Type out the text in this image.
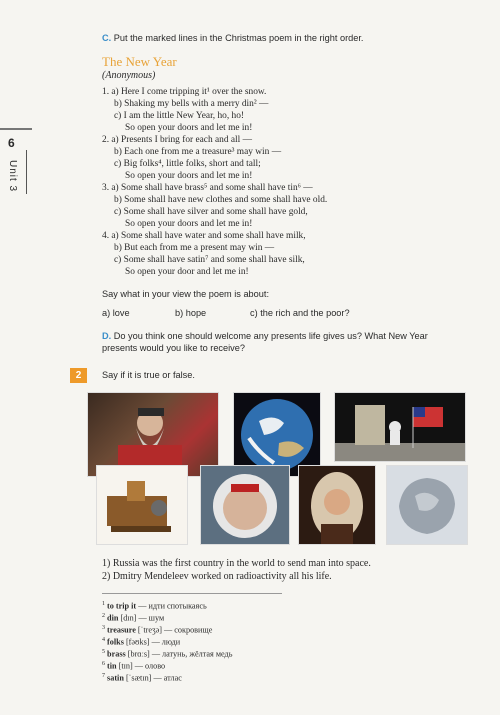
6
Unit 3
C. Put the marked lines in the Christmas poem in the right order.
The New Year
(Anonymous)
1. a) Here I come tripping it¹ over the snow.
b) Shaking my bells with a merry din² —
c) I am the little New Year, ho, ho!
So open your doors and let me in!
2. a) Presents I bring for each and all —
b) Each one from me a treasure³ may win —
c) Big folks⁴, little folks, short and tall;
So open your doors and let me in!
3. a) Some shall have brass⁵ and some shall have tin⁶ —
b) Some shall have new clothes and some shall have old.
c) Some shall have silver and some shall have gold,
So open your doors and let me in!
4. a) Some shall have water and some shall have milk,
b) But each from me a present may win —
c) Some shall have satin⁷ and some shall have silk,
So open your door and let me in!
Say what in your view the poem is about:
a) love	b) hope	c) the rich and the poor?
D. Do you think one should welcome any presents life gives us? What New Year
presents would you like to receive?
2	Say if it is true or false.
1) Russia was the first country in the world to send man into space.
2) Dmitry Mendeleev worked on radioactivity all his life.
$^1$ to trip it — идти спотыкаясь
$^2$ din [dɪn] — шум
$^3$ treasure [ˈtreʒə] — сокровище
$^4$ folks [fəʊks] — люди
$^5$ brass [brɑːs] — латунь, жёлтая медь
$^6$ tin [tɪn] — олово
$^7$ satin [ˈsætɪn] — атлас
